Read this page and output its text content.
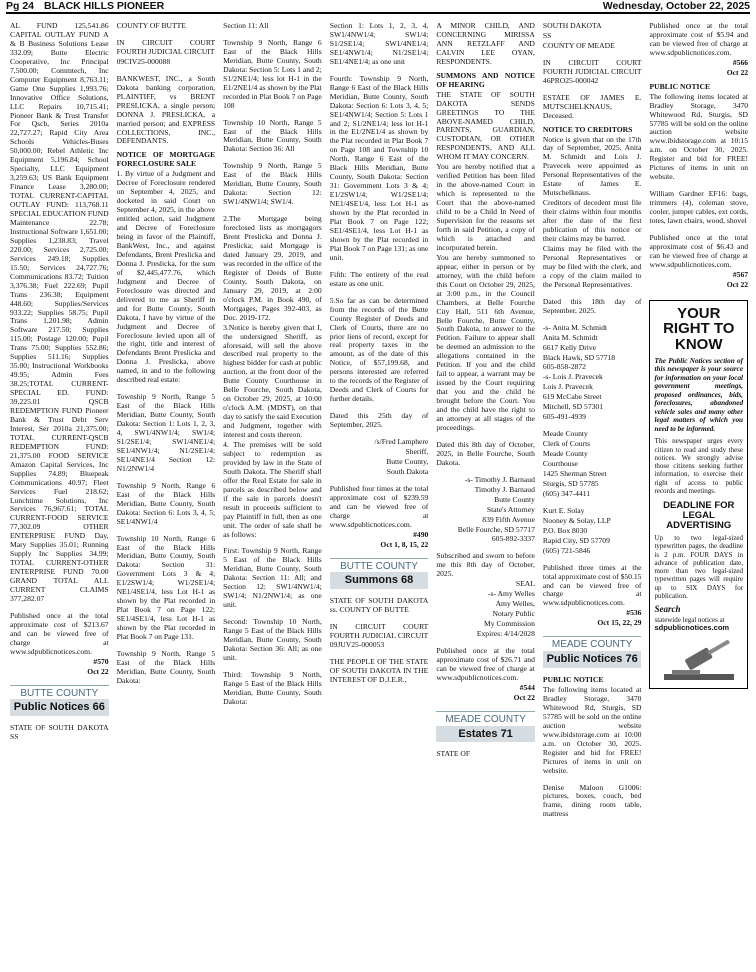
Pg 24 BLACK HILLS PIONEER	Wednesday, October 22, 2025

AL FUND 125,541.86 CAPITAL OUTLAY FUND A & B Business Solutions Lease 332.09; Butte Electric Cooperative, Inc Principal 7,500.00; Commtech, Inc Computer Equipment 8,763.11; Game One Supplies 1,993.76; Innovative Office Solutions, LLC Repairs 10,715.41; Pioneer Bank & Trust Transfer For Qscb, Series 2010a 22,727.27; Rapid City Area Schools Vehicles-Buses 50,000.00; Rebel Athletic Inc Equipment 5,196.84; School Specialty, LLC Equipment 3,259.63; US Bank Equipment Finance Lease 3,280.00; TOTAL CURRENT-CAPITAL OUTLAY FUND: 113,768.11 SPECIAL EDUCATION FUND Maintenance 22.78; Instructional Software 1,651.00; Supplies 1,238.83; Travel 220.00; Services 2,725.00; Services 249.18; Supplies 15.50; Services 24,727.76; Communications 83.72; Tuition 3,376.38; Fuel 222.69; Pupil Trans 236.38; Equipment 448.60; Supplies/Services 933.22; Supplies 58.75; Pupil Trans 1,201.98; Admin Software 217.50; Supplies 115.00; Postage 120.00; Pupil Trans 75.00; Supplies 552.86; Supplies 511.16; Supplies 35.00; Instructional Workbooks 49.95; Admin Fees 38.25;TOTAL CURRENT-SPECIAL ED. FUND: 39,225.01 QSCB REDEMPTION FUND Pioneer Bank & Trust Debt Serv Interest, Ser 2010a 21,375.00; TOTAL CURRENT-QSCB REDEMPTION FUND: 21,375.00 FOOD SERVICE Amazon Capital Services, Inc Supplies 74.89; Bluepeak Communications 40.97; Fleet Services Fuel 218.62; Lunchtime Solutions, Inc Services 76,967.61; TOTAL CURRENT-FOOD SERVICE 77,302.09 OTHER ENTERPRISE FUND Day, Mary Supplies 35.01; Running Supply Inc Supplies 34.99; TOTAL CURRENT-OTHER ENTERPRISE FUND 70.00 GRAND TOTAL ALL CURRENT CLAIMS 377,282.07

Published once at the total approximate cost of $213.67 and can be viewed free of charge at www.sdpublicnotices.com.

#570

Oct 22

BUTTE COUNTY
Public Notices 66

STATE OF SOUTH DAKOTA SS

COUNTY OF BUTTE

IN CIRCUIT COURT FOURTH JUDICIAL CIRCUIT

09CIV25-000088

BANKWEST, INC., a South Dakota banking corporation, PLAINTIFF, vs BRENT PRESLICKA, a single person; DONNA J. PRESLICKA, a married person; and EXPRESS COLLECTIONS, INC., DEFENDANTS.

NOTICE OF MORTGAGE FORECLOSURE SALE

1. By virtue of a Judgment and Decree of Foreclosure rendered on September 4, 2025, and docketed in said Court on September 4, 2025, in the above entitled action, said Judgment and Decree of Foreclosure being in favor of the Plaintiff, BankWest, Inc., and against Defendants, Brent Preslicka and Donna J. Preslicka, for the sum of $2,445,477.76, which Judgment and Decree of Foreclosure was directed and delivered to me as Sheriff in and for Butte County, South Dakota, I have by virtue of the Judgment and Decree of Foreclosure levied upon all of the right, title and interest of Defendants Brent Preslicka and Donna J. Preslicka, above named, in and to the following described real estate:

Township 9 North, Range 5 East of the Black Hills Meridian, Butte County, South Dakota: Section 1: Lots 1, 2, 3, 4, SW1/4NW1/4; SW1/4; S1/2SE1/4; SW1/4NE1/4; SE1/4NW1/4; N1/2SE1/4; SE1/4NE1/4 Section 12: N1/2NW1/4

Township 9 North, Range 6 East of the Black Hills Meridian, Butte County, South Dakota: Section 6: Lots 3, 4, 5; SE1/4NW1/4

Township 10 North, Range 6 East of the Black Hills Meridian, Butte County, South Dakota: Section 31: Government Lots 3 & 4; E1/2SW1/4; W1/2SE1/4; NE1/4SE1/4, less Lot H-1 as shown by the Plat recorded in Plat Book 7 on Page 122; SE1/4SE1/4, less Lot H-1 as shown by the Plat recorded in Plat Book 7 on Page 131.

Township 9 North, Range 5 East of the Black Hills Meridian, Butte County, South Dakota:

Section 11: All

Township 9 North, Range 6 East of the Black Hills Meridian, Butte County, South Dakota: Section 5: Lots 1 and 2; S1/2NE1/4; less lot H-1 in the E1/2NE1/4 as shown by the Plat recorded in Plat Book 7 on Page 108

Township 10 North, Range 5 East of the Black Hills Meridian, Butte County, South Dakota: Section 36: All

Township 9 North, Range 5 East of the Black Hills Meridian, Butte County, South Dakota: Section 12: SW1/4NW1/4; SW1/4.

2.The Mortgage being foreclosed lists as mortgagors Brent Preslicka and Donna J. Preslicka; said Mortgage is dated January 29, 2019, and was recorded in the office of the Register of Deeds of Butte County, South Dakota, on January 29, 2019, at 2:00 o'clock P.M. in Book 490, of Mortgages, Pages 392-403, as Doc. 2019-172.

3.Notice is hereby given that I, the undersigned Sheriff, as aforesaid, will sell the above described real property to the highest bidder for cash at public auction, at the front door of the Butte County Courthouse in Belle Fourche, South Dakota, on October 29, 2025, at 10:00 o'clock A.M. (MDST), on that day to satisfy the said Execution and Judgment, together with interest and costs thereon.

4. The premises will be sold subject to redemption as provided by law in the State of South Dakota. The Sheriff shall offer the Real Estate for sale in parcels as described below and if the sale in parcels doesn't result in proceeds sufficient to pay Plaintiff in full, then as one unit. The order of sale shall be as follows:

First: Township 9 North, Range 5 East of the Black Hills Meridian, Butte County, South Dakota: Section 11: All; and Section 12: SW1/4NW1/4; SW1/4; N1/2NW1/4; as one unit.

Second: Township 10 North, Range 5 East of the Black Hills Meridian, Butte County, South Dakota: Section 36: All; as one unit.

Third: Township 9 North, Range 5 East of the Black Hills Meridian, Butte County, South Dakota:

Section 1: Lots 1, 2, 3, 4, SW1/4NW1/4; SW1/4; S1/2SE1/4; SW1/4NE1/4; SE1/4NW1/4; N1/2SE1/4; SE1/4NE1/4; as one unit

Fourth: Township 9 North, Range 6 East of the Black Hills Meridian, Butte County, South Dakota: Section 6: Lots 3, 4, 5; SE1/4NW1/4; Section 5: Lots 1 and 2; S1/2NE1/4; less lot H-1 in the E1/2NE1/4 as shown by the Plat recorded in Plat Book 7 on Page 108 and Township 10 North, Range 6 East of the Black Hills Meridian, Butte County, South Dakota: Section 31: Government Lots 3 & 4; E1/2SW1/4; W1/2SE1/4; NE1/4SE1/4, less Lot H-1 as shown by the Plat recorded in Plat Book 7 on Page 122; SE1/4SE1/4, less Lot H-1 as shown by the Plat recorded in Plat Book 7 on Page 131; as one unit.

Fifth: The entirety of the real estate as one unit.

5.So far as can be determined from the records of the Butte County Register of Deeds and Clerk of Courts, there are no prior liens of record, except for real property taxes in the amount, as of the date of this Notice, of $57,199.68, and persons interested are referred to the records of the Register of Deeds and Clerk of Courts for further details.

Dated this 25th day of September, 2025.

/s/Fred Lamphere

Sheriff,

Butte County,

South Dakota

Published four times at the total approximate cost of $239.59 and can be viewed free of charge at www.sdpublicnotices.com.

#490

Oct 1, 8, 15, 22

BUTTE COUNTY
Summons 68

STATE OF SOUTH DAKOTA ss. COUNTY OF BUTTE

IN CIRCUIT COURT FOURTH JUDICIAL CIRCUIT 09JUV25-000053

THE PEOPLE OF THE STATE OF SOUTH DAKOTA IN THE INTEREST OF D.J.E.R.,

A MINOR CHILD, AND CONCERNING MIRISSA ANN RETZLAFF AND CALVIN LEE OYAN, RESPONDENTS.

SUMMONS AND NOTICE OF HEARING

THE STATE OF SOUTH DAKOTA SENDS GREETINGS TO THE ABOVE-NAMED CHILD, PARENTS, GUARDIAN, CUSTODIAN, OR OTHER RESPONDENTS, AND ALL WHOM IT MAY CONCERN.

You are hereby notified that a verified Petition has been filed in the above-named Court in which is represented to the Court that the above-named child to be a Child In Need of Supervision for the reasons set forth in said Petition, a copy of which is attached and incorporated herein.

You are hereby summoned to appear, either in person or by attorney, with the child before this Court on October 29, 2025, at 3:00 p.m., in the Council Chambers, at Belle Fourche City Hall, 511 6th Avenue, Belle Fourche, Butte County, South Dakota, to answer to the Petition. Failure to appear shall be deemed an admission to the allegations contained in the Petition. If you and the child fail to appear, a warrant may be issued by the Court requiring that you and the child be brought before the Court. You and the child have the right to an attorney at all stages of the proceedings.

Dated this 8th day of October, 2025, in Belle Fourche, South Dakota.

-s- Timothy J. Barnaud

Timothy J. Barnaud

Butte County

State's Attorney

839 Fifth Avenue

Belle Fourche, SD 57717

605-892-3337

Subscribed and sworn to before me this 8th day of October, 2025.

SEAL

-s- Amy Welles

Amy Welles,

Notary Public

My Commission

Expires: 4/14/2028

Published once at the total approximate cost of $26.71 and can be viewed free of charge at www.sdpublicnotices.com.

#544

Oct 22

MEADE COUNTY
Estates 71

STATE OF

SOUTH DAKOTA

SS

COUNTY OF MEADE

IN CIRCUIT COURT FOURTH JUDICIAL CIRCUIT 46PRO25-000042

ESTATE OF JAMES E. MUTSCHELKNAUS, Deceased.

NOTICE TO CREDITORS

Notice is given that on the 17th day of September, 2025, Anita M. Schmidt and Lois J. Pravecek were appointed as Personal Representatives of the Estate of James E. Mutschelknaus.

Creditors of decedent must file their claims within four months after the date of the first publication of this notice or their claims may be barred.

Claims may be filed with the Personal Representatives or may be filed with the clerk, and a copy of the claim mailed to the Personal Representatives.

Dated this 18th day of September, 2025.

-s- Anita M. Schmidt

Anita M. Schmidt

6617 Kelly Drive

Black Hawk, SD 57718

605-858-2872

-s- Lois J. Pravecek

Lois J. Pravecek

619 McCabe Street

Mitchell, SD 57301

605-491-4939

Meade County

Clerk of Courts

Meade County

Courthouse

1425 Sherman Street

Sturgis, SD 57785

(605) 347-4411

Kurt E. Solay

Nooney & Solay, LLP

P.O. Box 8030

Rapid City, SD 57709

(605) 721-5846

Published three times at the total approximate cost of $50.15 and can be viewed free of charge at www.sdpublicnotices.com.

#536

Oct 15, 22, 29

MEADE COUNTY
Public Notices 76

PUBLIC NOTICE

The following items located at Bradley Storage, 3470 Whitewood Rd, Sturgis, SD 57785 will be sold on the online auction website www.ibidstorage.com at 10:00 a.m. on October 30, 2025. Register and bid for FREE! Pictures of items in unit on website.

Denise Maloon G1006: pictures, boxes, couch, bed frame, dining room table, mattress

Published once at the total approximate cost of $5.94 and can be viewed free of charge at www.sdpublicnotices.com.

#566

Oct 22

PUBLIC NOTICE

The following items located at Bradley Storage, 3470 Whitewood Rd, Sturgis, SD 57785 will be sold on the online auction website www.ibidstorage.com at 10:15 a.m. on October 30, 2025. Register and bid for FREE! Pictures of items in unit on website.

William Gardner EF16: bags, trimmers (4), coleman stove, cooler, jumper cables, ext cords, totes, lawn chairs, wood, shovel

Published once at the total approximate cost of $6.43 and can be viewed free of charge at www.sdpublicnotices.com.

#567

Oct 22

YOUR RIGHT TO KNOW

The Public Notices section of this newspaper is your source for information on your local government meetings, proposed ordinances, bids, foreclosures, abandoned vehicle sales and many other legal matters of which you need to be informed.

This newspaper urges every citizen to read and study these notices. We strongly advise those citizens seeking further information, to exercise their right of access to public records and meetings.

DEADLINE FOR LEGAL ADVERTISING

Up to two legal-sized typewritten pages, the deadline is 2 p.m. FOUR DAYS in advance of publication date, more than two legal-sized typewritten pages will require up to SIX DAYS for publication.

Search

statewide legal notices at

sdpublicnotices.com
